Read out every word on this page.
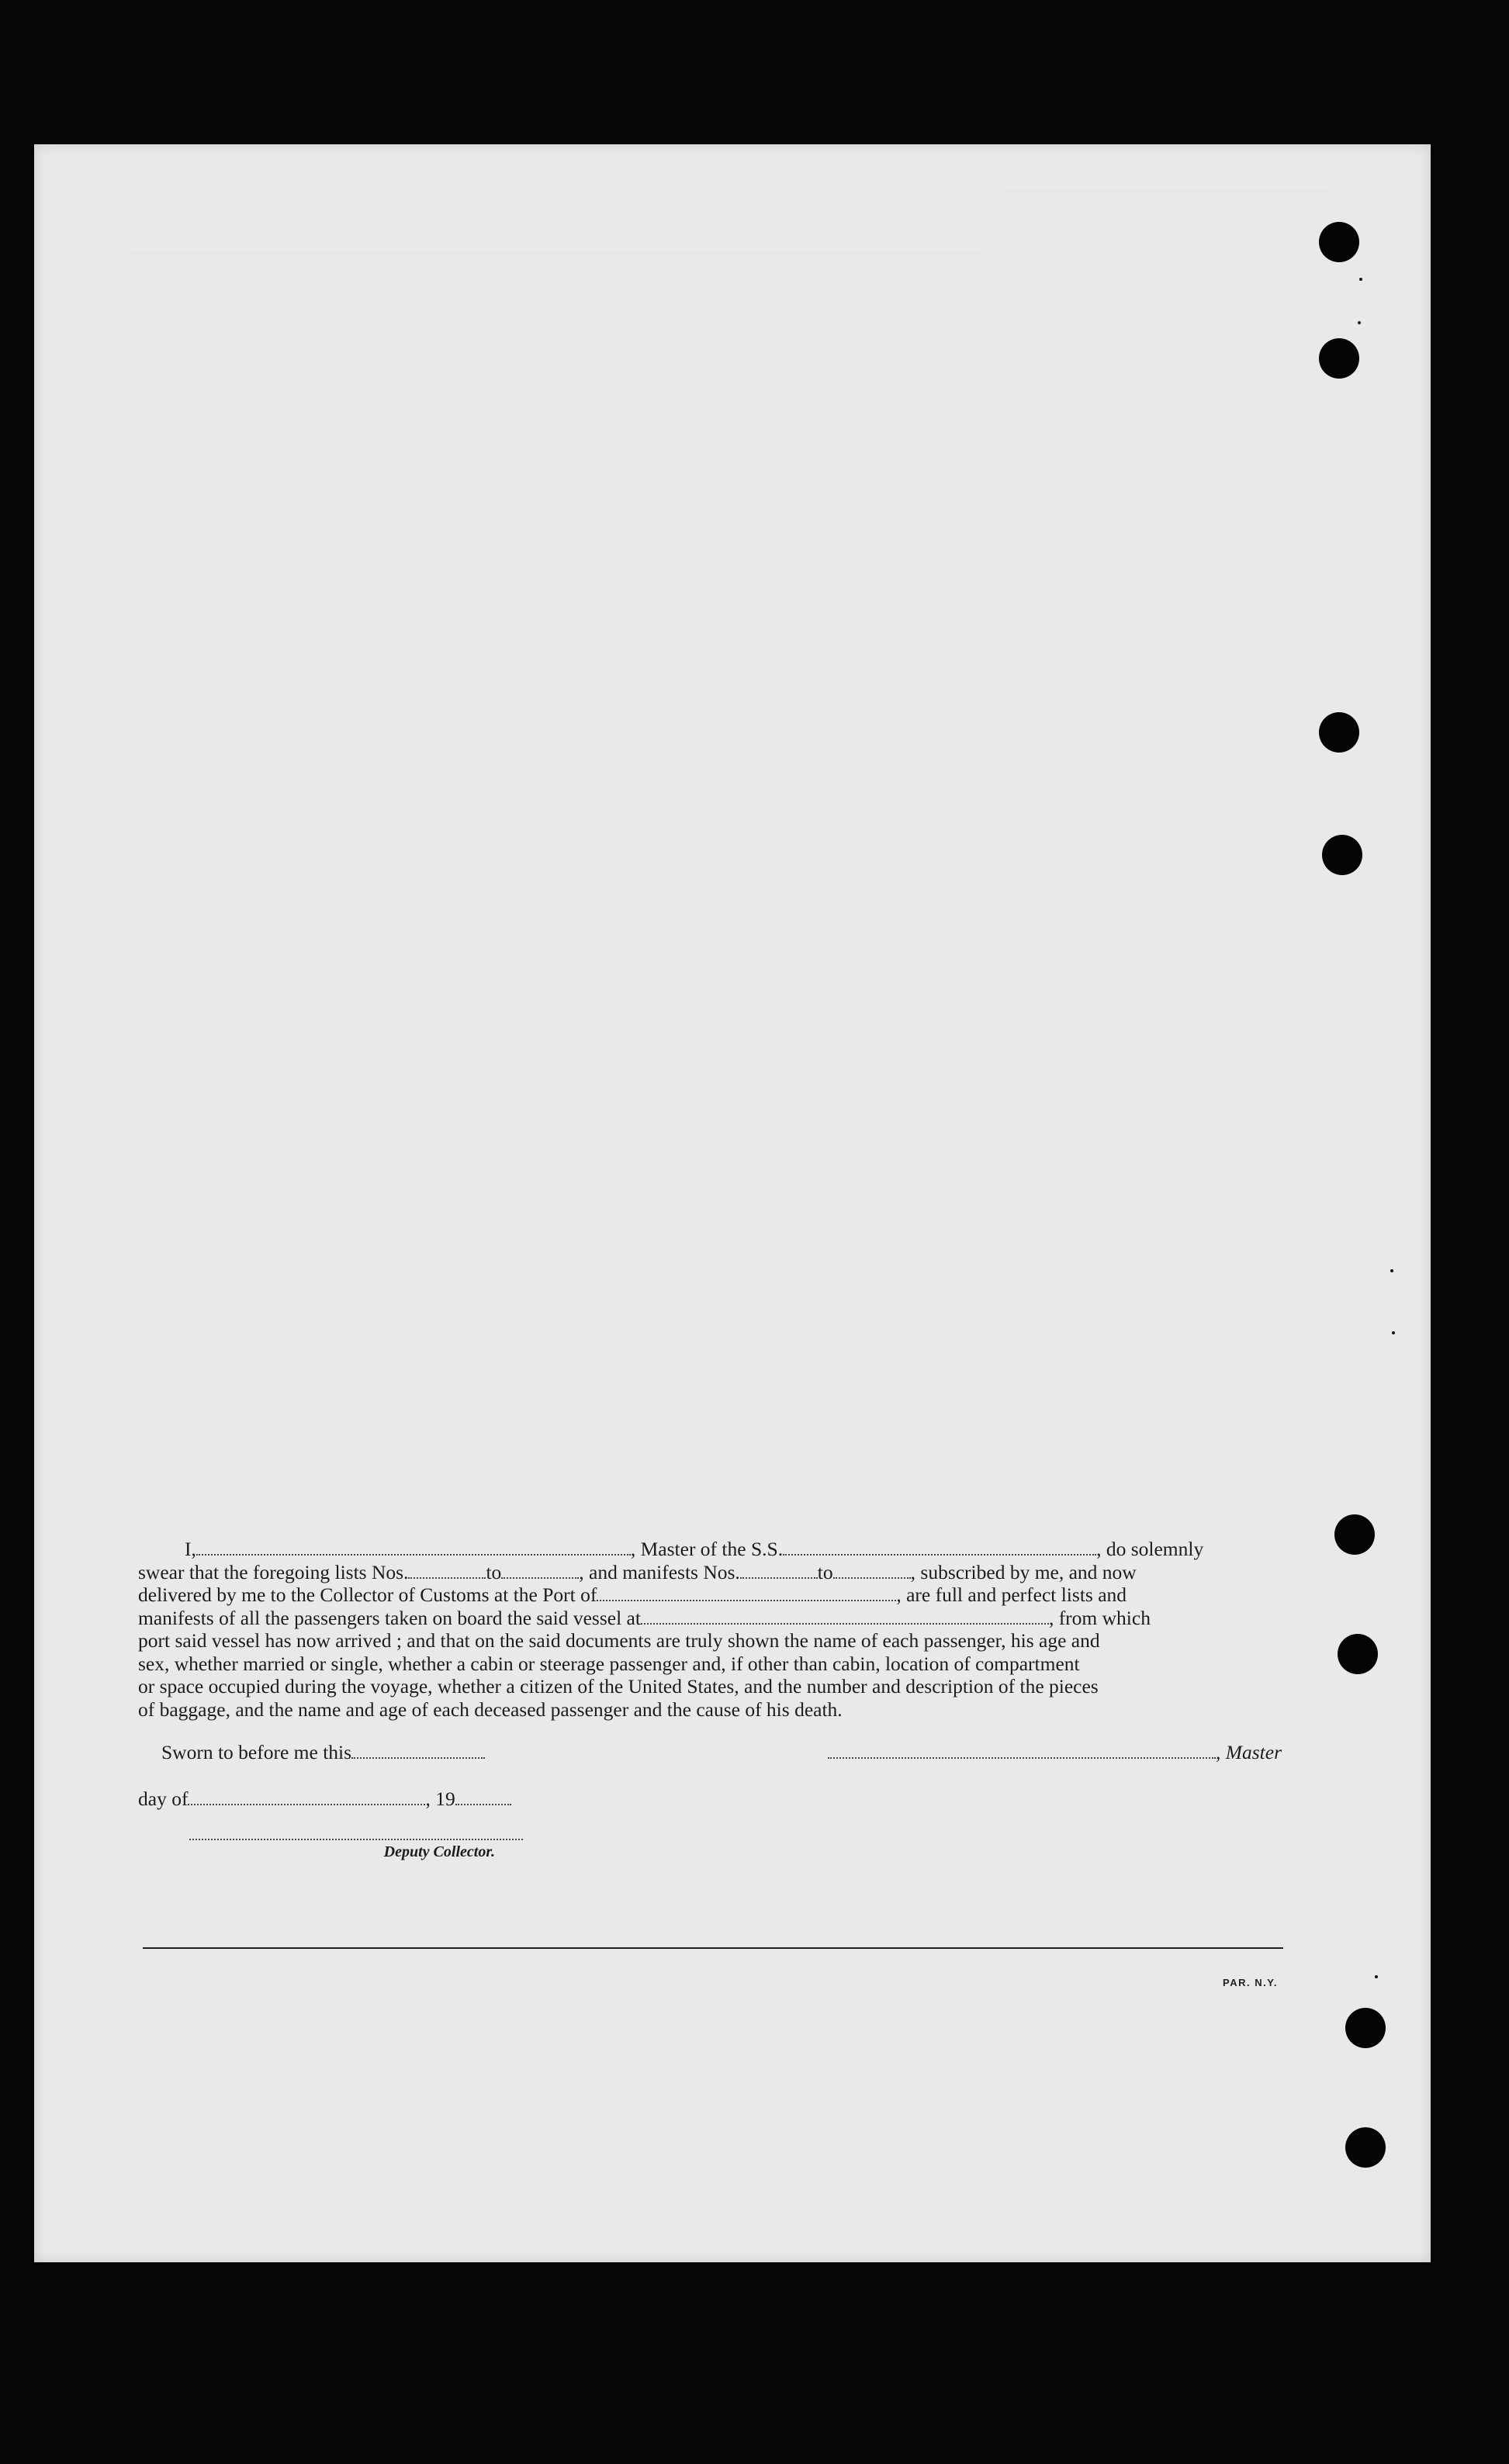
I,	, Master of the S.S.	, do solemnly
swear that the foregoing lists Nos.	to	, and manifests Nos.	to	, subscribed by me, and now
delivered by me to the Collector of Customs at the Port of	, are full and perfect lists and
manifests of all the passengers taken on board the said vessel at	, from which
port said vessel has now arrived ; and that on the said documents are truly shown the name of each passenger, his age and
sex, whether married or single, whether a cabin or steerage passenger and, if other than cabin, location of compartment
or space occupied during the voyage, whether a citizen of the United States, and the number and description of the pieces
of baggage, and the name and age of each deceased passenger and the cause of his death.
Sworn to before me this	, Master
day of	, 19
Deputy Collector.
PAR. N.Y.
